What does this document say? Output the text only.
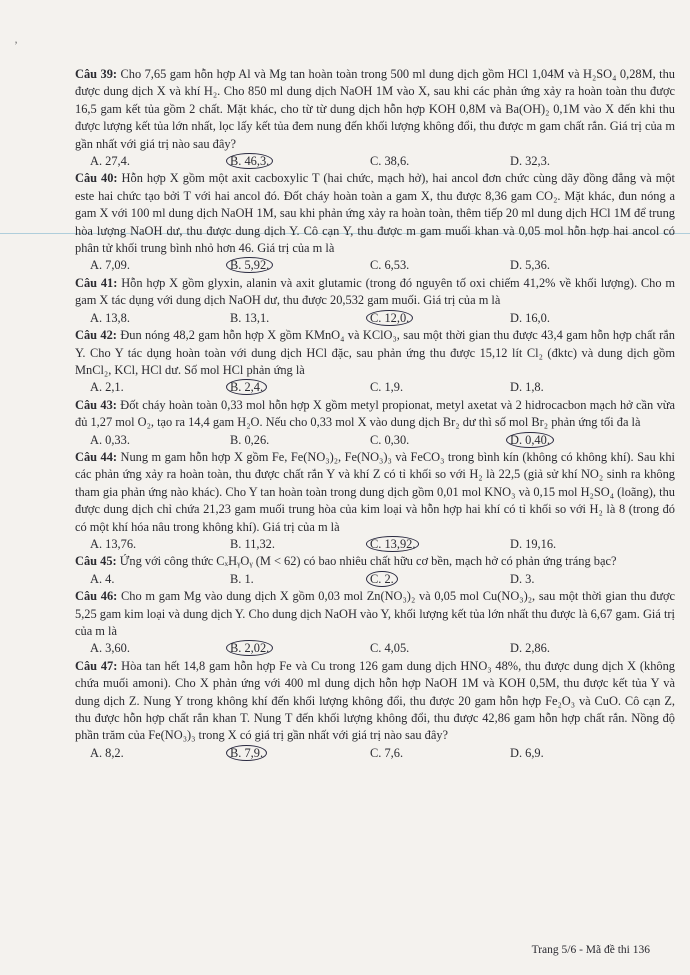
’

Câu 39: Cho 7,65 gam hỗn hợp Al và Mg tan hoàn toàn trong 500 ml dung dịch gồm HCl 1,04M và H₂SO₄ 0,28M, thu được dung dịch X và khí H₂. Cho 850 ml dung dịch NaOH 1M vào X, sau khi các phản ứng xảy ra hoàn toàn thu được 16,5 gam kết tủa gồm 2 chất. Mặt khác, cho từ từ dung dịch hỗn hợp KOH 0,8M và Ba(OH)₂ 0,1M vào X đến khi thu được lượng kết tủa lớn nhất, lọc lấy kết tủa đem nung đến khối lượng không đổi, thu được m gam chất rắn. Giá trị của m gần nhất với giá trị nào sau đây?

A. 27,4.	B. 46,3.	C. 38,6.	D. 32,3.

Câu 40: Hỗn hợp X gồm một axit cacboxylic T (hai chức, mạch hở), hai ancol đơn chức cùng dãy đồng đẳng và một este hai chức tạo bởi T với hai ancol đó. Đốt cháy hoàn toàn a gam X, thu được 8,36 gam CO₂. Mặt khác, đun nóng a gam X với 100 ml dung dịch NaOH 1M, sau khi phản ứng xảy ra hoàn toàn, thêm tiếp 20 ml dung dịch HCl 1M để trung hòa lượng NaOH dư, thu được dung dịch Y. Cô cạn Y, thu được m gam muối khan và 0,05 mol hỗn hợp hai ancol có phân tử khối trung bình nhỏ hơn 46. Giá trị của m là

A. 7,09.	B. 5,92.	C. 6,53.	D. 5,36.

Câu 41: Hỗn hợp X gồm glyxin, alanin và axit glutamic (trong đó nguyên tố oxi chiếm 41,2% về khối lượng). Cho m gam X tác dụng với dung dịch NaOH dư, thu được 20,532 gam muối. Giá trị của m là

A. 13,8.	B. 13,1.	C. 12,0.	D. 16,0.

Câu 42: Đun nóng 48,2 gam hỗn hợp X gồm KMnO₄ và KClO₃, sau một thời gian thu được 43,4 gam hỗn hợp chất rắn Y. Cho Y tác dụng hoàn toàn với dung dịch HCl đặc, sau phản ứng thu được 15,12 lít Cl₂ (đktc) và dung dịch gồm MnCl₂, KCl, HCl dư. Số mol HCl phản ứng là

A. 2,1.	B. 2,4.	C. 1,9.	D. 1,8.

Câu 43: Đốt cháy hoàn toàn 0,33 mol hỗn hợp X gồm metyl propionat, metyl axetat và 2 hidrocacbon mạch hở cần vừa đủ 1,27 mol O₂, tạo ra 14,4 gam H₂O. Nếu cho 0,33 mol X vào dung dịch Br₂ dư thì số mol Br₂ phản ứng tối đa là

A. 0,33.	B. 0,26.	C. 0,30.	D. 0,40.

Câu 44: Nung m gam hỗn hợp X gồm Fe, Fe(NO₃)₂, Fe(NO₃)₃ và FeCO₃ trong bình kín (không có không khí). Sau khi các phản ứng xảy ra hoàn toàn, thu được chất rắn Y và khí Z có tỉ khối so với H₂ là 22,5 (giả sử khí NO₂ sinh ra không tham gia phản ứng nào khác). Cho Y tan hoàn toàn trong dung dịch gồm 0,01 mol KNO₃ và 0,15 mol H₂SO₄ (loãng), thu được dung dịch chỉ chứa 21,23 gam muối trung hòa của kim loại và hỗn hợp hai khí có tỉ khối so với H₂ là 8 (trong đó có một khí hóa nâu trong không khí). Giá trị của m là

A. 13,76.	B. 11,32.	C. 13,92.	D. 19,16.

Câu 45: Ứng với công thức CₓHᵧOᵧ (M < 62) có bao nhiêu chất hữu cơ bền, mạch hở có phản ứng tráng bạc?

A. 4.	B. 1.	C. 2.	D. 3.

Câu 46: Cho m gam Mg vào dung dịch X gồm 0,03 mol Zn(NO₃)₂ và 0,05 mol Cu(NO₃)₂, sau một thời gian thu được 5,25 gam kim loại và dung dịch Y. Cho dung dịch NaOH vào Y, khối lượng kết tủa lớn nhất thu được là 6,67 gam. Giá trị của m là

A. 3,60.	B. 2,02.	C. 4,05.	D. 2,86.

Câu 47: Hòa tan hết 14,8 gam hỗn hợp Fe và Cu trong 126 gam dung dịch HNO₃ 48%, thu được dung dịch X (không chứa muối amoni). Cho X phản ứng với 400 ml dung dịch hỗn hợp NaOH 1M và KOH 0,5M, thu được kết tủa Y và dung dịch Z. Nung Y trong không khí đến khối lượng không đổi, thu được 20 gam hỗn hợp Fe₂O₃ và CuO. Cô cạn Z, thu được hỗn hợp chất rắn khan T. Nung T đến khối lượng không đổi, thu được 42,86 gam hỗn hợp chất rắn. Nồng độ phần trăm của Fe(NO₃)₃ trong X có giá trị gần nhất với giá trị nào sau đây?

A. 8,2.	B. 7,9.	C. 7,6.	D. 6,9.
Trang 5/6 - Mã đề thi 136
